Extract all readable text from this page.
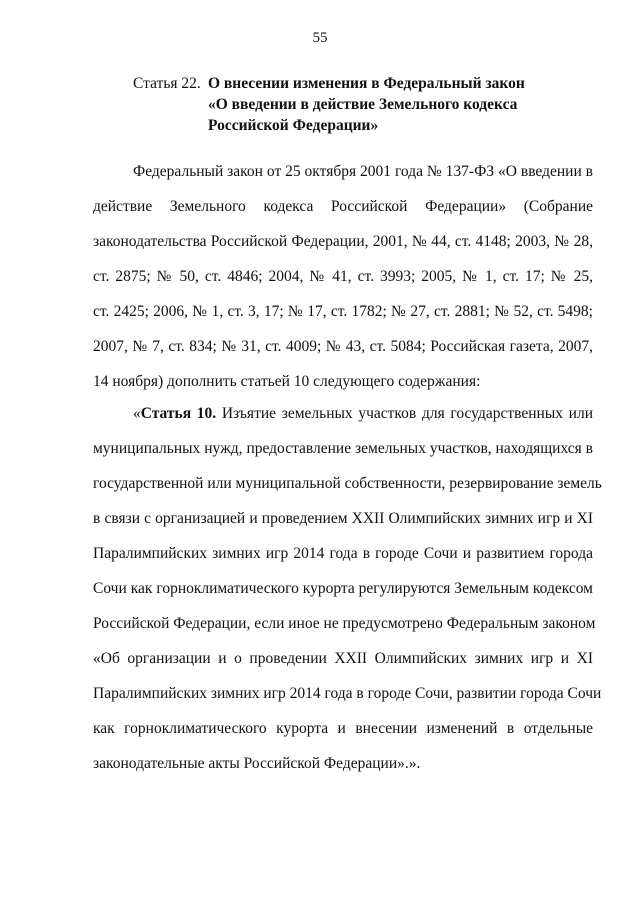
55
Статья 22. О внесении изменения в Федеральный закон
«О введении в действие Земельного кодекса
Российской Федерации»
Федеральный закон от 25 октября 2001 года № 137-ФЗ «О введении в
действие Земельного кодекса Российской Федерации» (Собрание
законодательства Российской Федерации, 2001, № 44, ст. 4148; 2003, № 28,
ст. 2875; № 50, ст. 4846; 2004, № 41, ст. 3993; 2005, № 1, ст. 17; № 25,
ст. 2425; 2006, № 1, ст. 3, 17; № 17, ст. 1782; № 27, ст. 2881; № 52, ст. 5498;
2007, № 7, ст. 834; № 31, ст. 4009; № 43, ст. 5084; Российская газета, 2007,
14 ноября) дополнить статьей 10 следующего содержания:
«Статья 10. Изъятие земельных участков для государственных или
муниципальных нужд, предоставление земельных участков, находящихся в
государственной или муниципальной собственности, резервирование земель
в связи с организацией и проведением XXII Олимпийских зимних игр и XI
Паралимпийских зимних игр 2014 года в городе Сочи и развитием города
Сочи как горноклиматического курорта регулируются Земельным кодексом
Российской Федерации, если иное не предусмотрено Федеральным законом
«Об организации и о проведении XXII Олимпийских зимних игр и XI
Паралимпийских зимних игр 2014 года в городе Сочи, развитии города Сочи
как горноклиматического курорта и внесении изменений в отдельные
законодательные акты Российской Федерации».».
